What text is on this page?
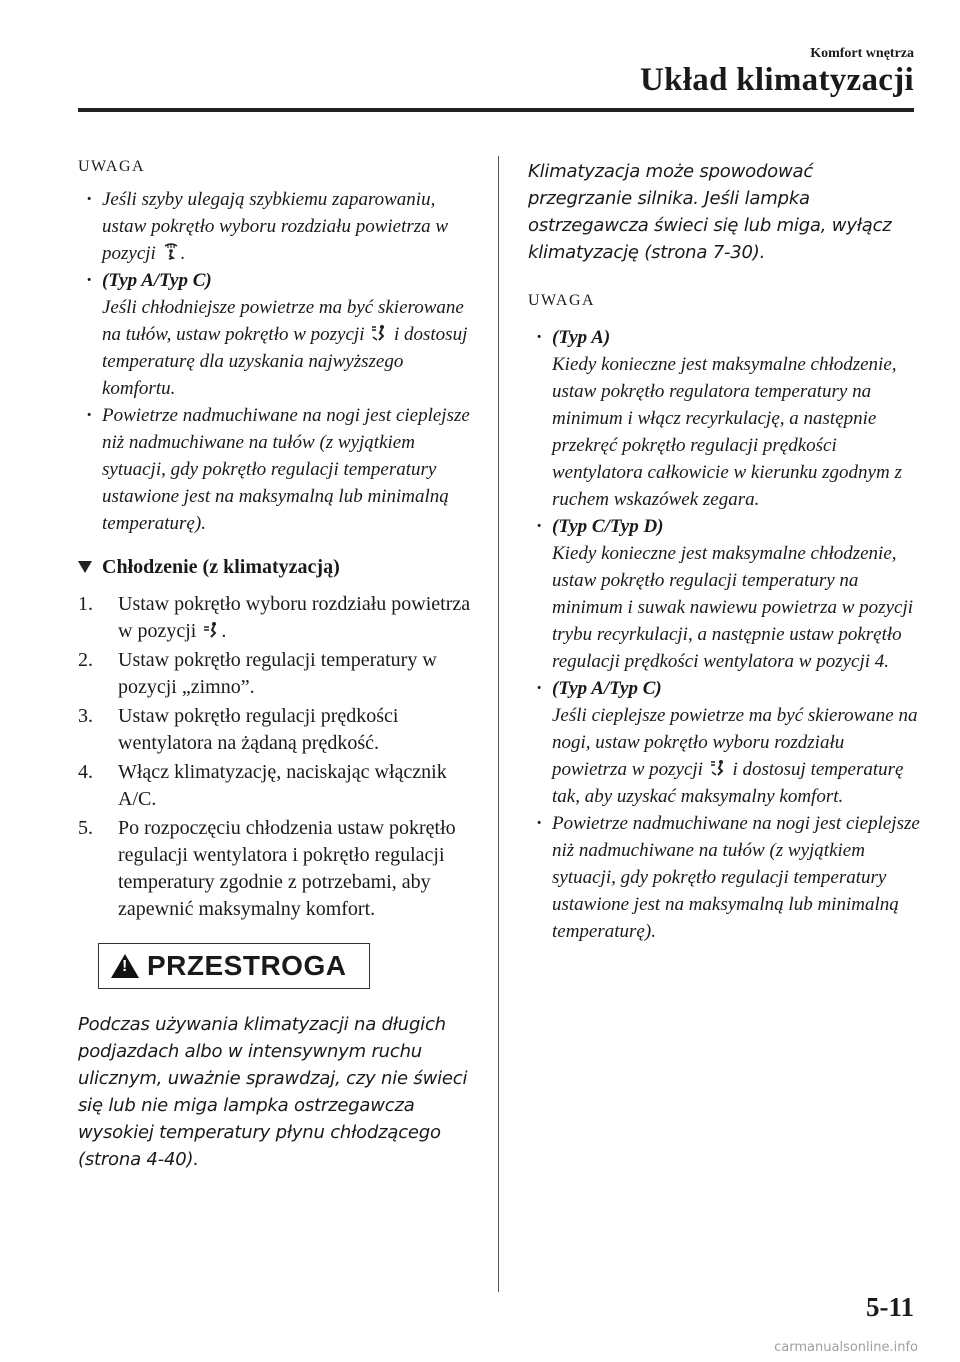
Komfort wnętrza
Układ klimatyzacji
UWAGA
· Jeśli szyby ulegają szybkiemu zaparowaniu, ustaw pokrętło wyboru rozdziału powietrza w pozycji .
· (Typ A/Typ C)
Jeśli chłodniejsze powietrze ma być skierowane na tułów, ustaw pokrętło w pozycji  i dostosuj temperaturę dla uzyskania najwyższego komfortu.
· Powietrze nadmuchiwane na nogi jest cieplejsze niż nadmuchiwane na tułów (z wyjątkiem sytuacji, gdy pokrętło regulacji temperatury ustawione jest na maksymalną lub minimalną temperaturę).
Chłodzenie (z klimatyzacją)
1. Ustaw pokrętło wyboru rozdziału powietrza w pozycji .
2. Ustaw pokrętło regulacji temperatury w pozycji „zimno”.
3. Ustaw pokrętło regulacji prędkości wentylatora na żądaną prędkość.
4. Włącz klimatyzację, naciskając włącznik A/C.
5. Po rozpoczęciu chłodzenia ustaw pokrętło regulacji wentylatora i pokrętło regulacji temperatury zgodnie z potrzebami, aby zapewnić maksymalny komfort.
!
PRZESTROGA

Podczas używania klimatyzacji na długich podjazdach albo w intensywnym ruchu ulicznym, uważnie sprawdzaj, czy nie świeci się lub nie miga lampka ostrzegawcza wysokiej temperatury płynu chłodzącego (strona 4-40).

Klimatyzacja może spowodować przegrzanie silnika. Jeśli lampka ostrzegawcza świeci się lub miga, wyłącz klimatyzację (strona 7-30).

UWAGA
· (Typ A)
Kiedy konieczne jest maksymalne chłodzenie, ustaw pokrętło regulatora temperatury na minimum i włącz recyrkulację, a następnie przekręć pokrętło regulacji prędkości wentylatora całkowicie w kierunku zgodnym z ruchem wskazówek zegara.
· (Typ C/Typ D)
Kiedy konieczne jest maksymalne chłodzenie, ustaw pokrętło regulacji temperatury na minimum i suwak nawiewu powietrza w pozycji trybu recyrkulacji, a następnie ustaw pokrętło regulacji prędkości wentylatora w pozycji 4.
· (Typ A/Typ C)
Jeśli cieplejsze powietrze ma być skierowane na nogi, ustaw pokrętło wyboru rozdziału powietrza w pozycji  i dostosuj temperaturę tak, aby uzyskać maksymalny komfort.
· Powietrze nadmuchiwane na nogi jest cieplejsze niż nadmuchiwane na tułów (z wyjątkiem sytuacji, gdy pokrętło regulacji temperatury ustawione jest na maksymalną lub minimalną temperaturę).
5-11
carmanualsonline.info
